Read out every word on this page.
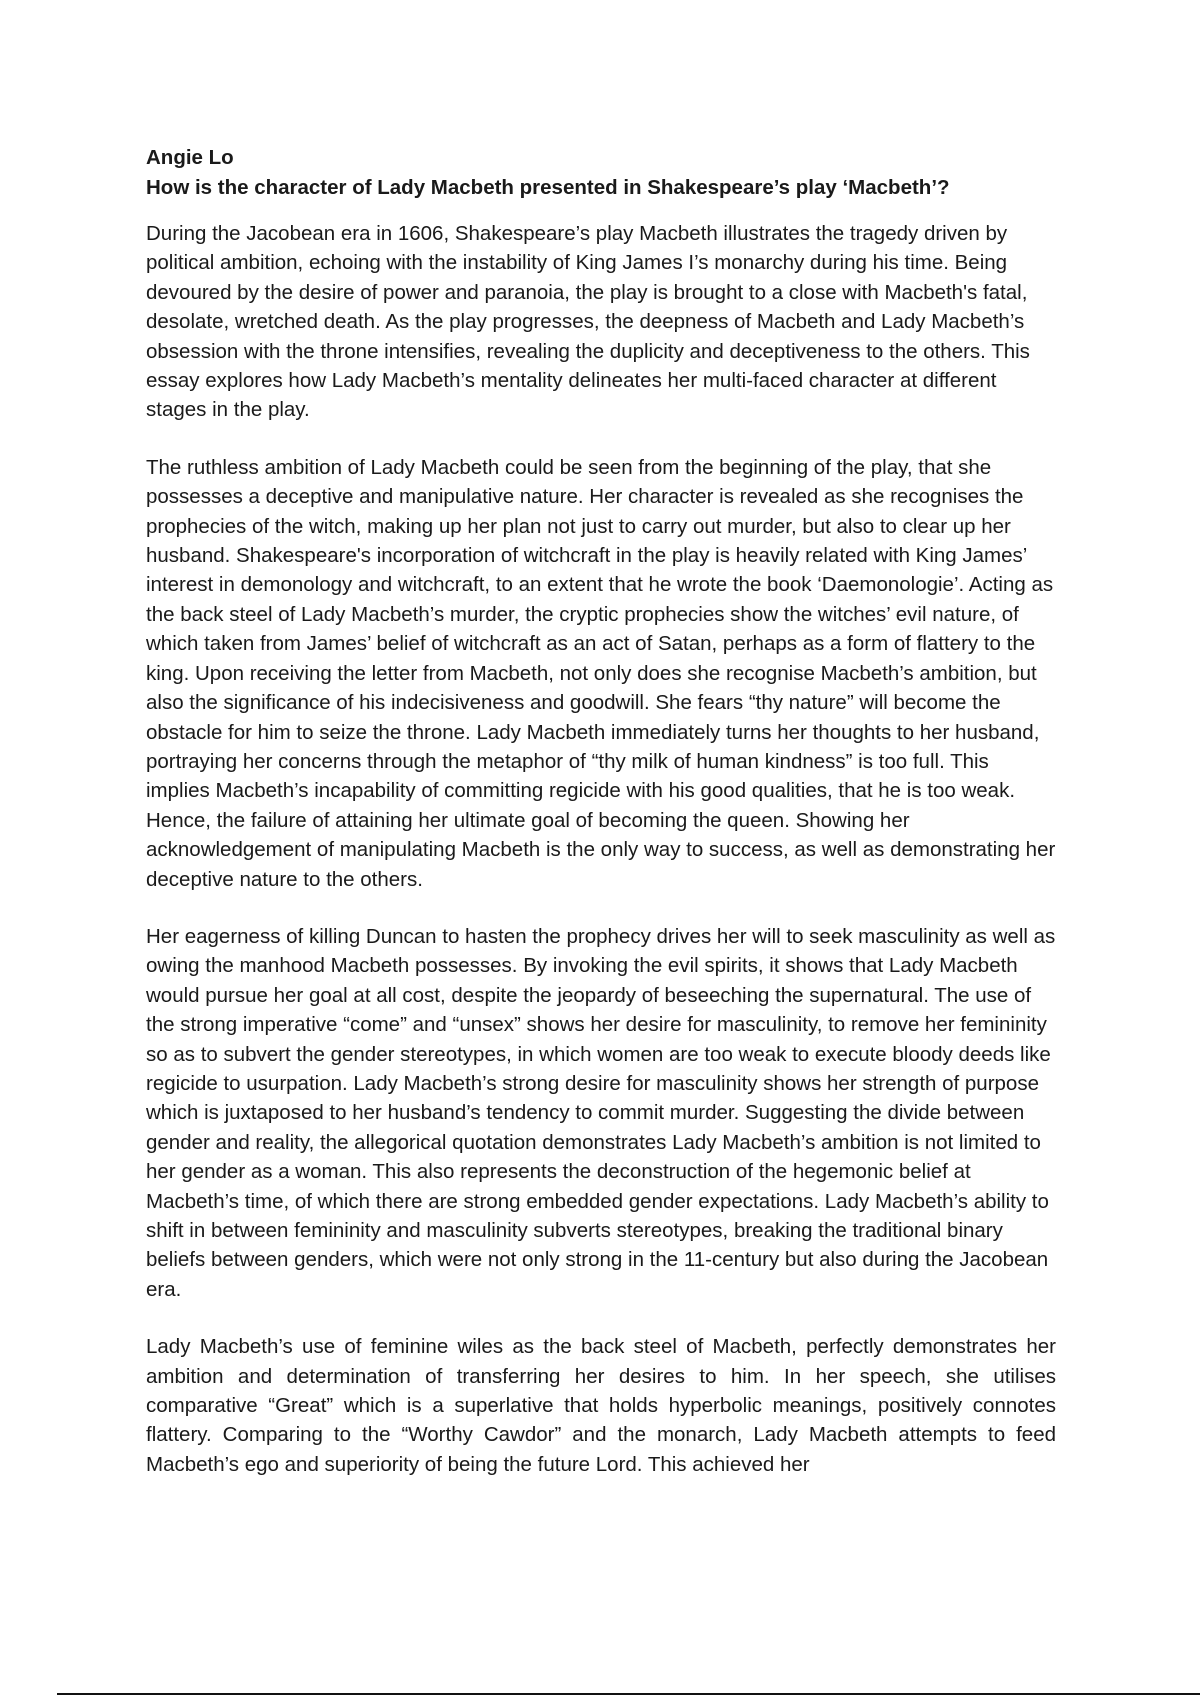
Angie Lo

How is the character of Lady Macbeth presented in Shakespeare’s play ‘Macbeth’?

During the Jacobean era in 1606, Shakespeare’s play Macbeth illustrates the tragedy driven by political ambition, echoing with the instability of King James I’s monarchy during his time. Being devoured by the desire of power and paranoia, the play is brought to a close with Macbeth's fatal, desolate, wretched death. As the play progresses, the deepness of Macbeth and Lady Macbeth’s obsession with the throne intensifies, revealing the duplicity and deceptiveness to the others. This essay explores how Lady Macbeth’s mentality delineates her multi-faced character at different stages in the play.

The ruthless ambition of Lady Macbeth could be seen from the beginning of the play, that she possesses a deceptive and manipulative nature. Her character is revealed as she recognises the prophecies of the witch, making up her plan not just to carry out murder, but also to clear up her husband. Shakespeare's incorporation of witchcraft in the play is heavily related with King James’ interest in demonology and witchcraft, to an extent that he wrote the book ‘Daemonologie’. Acting as the back steel of Lady Macbeth’s murder, the cryptic prophecies show the witches’ evil nature, of which taken from James’ belief of witchcraft as an act of Satan, perhaps as a form of flattery to the king. Upon receiving the letter from Macbeth, not only does she recognise Macbeth’s ambition, but also the significance of his indecisiveness and goodwill. She fears “thy nature” will become the obstacle for him to seize the throne. Lady Macbeth immediately turns her thoughts to her husband, portraying her concerns through the metaphor of “thy milk of human kindness” is too full. This implies Macbeth’s incapability of committing regicide with his good qualities, that he is too weak. Hence, the failure of attaining her ultimate goal of becoming the queen. Showing her acknowledgement of manipulating Macbeth is the only way to success, as well as demonstrating her deceptive nature to the others.

Her eagerness of killing Duncan to hasten the prophecy drives her will to seek masculinity as well as owing the manhood Macbeth possesses. By invoking the evil spirits, it shows that Lady Macbeth would pursue her goal at all cost, despite the jeopardy of beseeching the supernatural. The use of the strong imperative “come” and “unsex” shows her desire for masculinity, to remove her femininity so as to subvert the gender stereotypes, in which women are too weak to execute bloody deeds like regicide to usurpation. Lady Macbeth’s strong desire for masculinity shows her strength of purpose which is juxtaposed to her husband’s tendency to commit murder. Suggesting the divide between gender and reality, the allegorical quotation demonstrates Lady Macbeth’s ambition is not limited to her gender as a woman. This also represents the deconstruction of the hegemonic belief at Macbeth’s time, of which there are strong embedded gender expectations. Lady Macbeth’s ability to shift in between femininity and masculinity subverts stereotypes, breaking the traditional binary beliefs between genders, which were not only strong in the 11-century but also during the Jacobean era.

Lady Macbeth’s use of feminine wiles as the back steel of Macbeth, perfectly demonstrates her ambition and determination of transferring her desires to him. In her speech, she utilises comparative “Great” which is a superlative that holds hyperbolic meanings, positively connotes flattery. Comparing to the “Worthy Cawdor” and the monarch, Lady Macbeth attempts to feed Macbeth’s ego and superiority of being the future Lord. This achieved her
